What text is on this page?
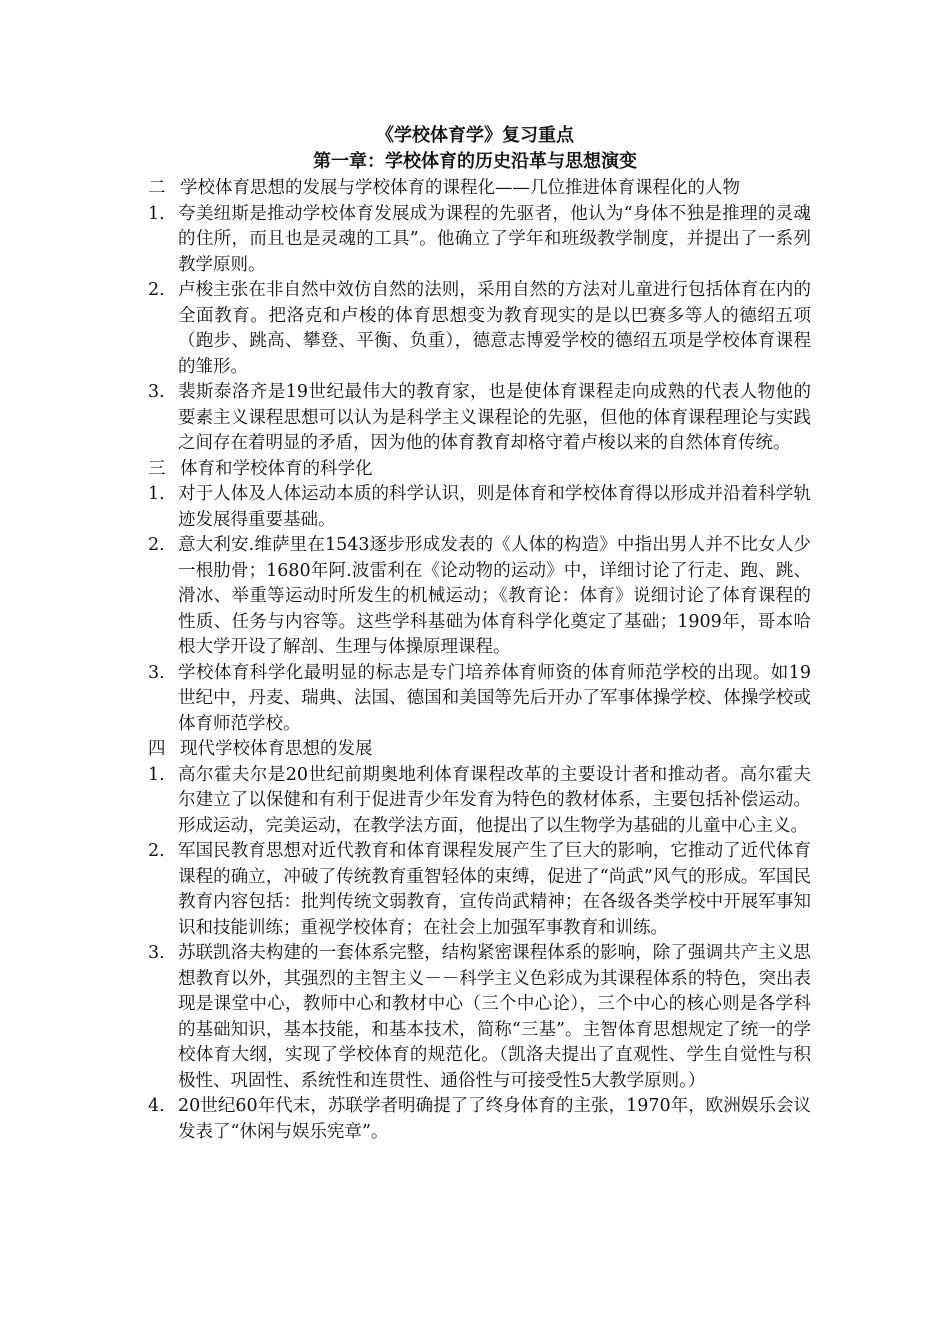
《学校体育学》复习重点
第一章：学校体育的历史沿革与思想演变
二 学校体育思想的发展与学校体育的课程化——几位推进体育课程化的人物
1. 夸美纽斯是推动学校体育发展成为课程的先驱者，他认为“身体不独是推理的灵魂的住所，而且也是灵魂的工具”。他确立了学年和班级教学制度，并提出了一系列教学原则。
2. 卢梭主张在非自然中效仿自然的法则，采用自然的方法对儿童进行包括体育在内的全面教育。把洛克和卢梭的体育思想变为教育现实的是以巴赛多等人的德绍五项（跑步、跳高、攀登、平衡、负重），德意志博爱学校的德绍五项是学校体育课程的雏形。
3. 裴斯泰洛齐是19世纪最伟大的教育家，也是使体育课程走向成熟的代表人物他的要素主义课程思想可以认为是科学主义课程论的先驱，但他的体育课程理论与实践之间存在着明显的矛盾，因为他的体育教育却格守着卢梭以来的自然体育传统。
三 体育和学校体育的科学化
1. 对于人体及人体运动本质的科学认识，则是体育和学校体育得以形成并沿着科学轨迹发展得重要基础。
2. 意大利安.维萨里在1543逐步形成发表的《人体的构造》中指出男人并不比女人少一根肋骨；1680年阿.波雷利在《论动物的运动》中，详细讨论了行走、跑、跳、滑冰、举重等运动时所发生的机械运动；《教育论：体育》说细讨论了体育课程的性质、任务与内容等。这些学科基础为体育科学化奠定了基础；1909年，哥本哈根大学开设了解剖、生理与体操原理课程。
3. 学校体育科学化最明显的标志是专门培养体育师资的体育师范学校的出现。如19世纪中，丹麦、瑞典、法国、德国和美国等先后开办了军事体操学校、体操学校或体育师范学校。
四 现代学校体育思想的发展
1. 高尔霍夫尔是20世纪前期奥地利体育课程改革的主要设计者和推动者。高尔霍夫尔建立了以保健和有利于促进青少年发育为特色的教材体系，主要包括补偿运动。形成运动，完美运动，在教学法方面，他提出了以生物学为基础的儿童中心主义。
2. 军国民教育思想对近代教育和体育课程发展产生了巨大的影响，它推动了近代体育课程的确立，冲破了传统教育重智轻体的束缚，促进了“尚武”风气的形成。军国民教育内容包括：批判传统文弱教育，宣传尚武精神；在各级各类学校中开展军事知识和技能训练；重视学校体育；在社会上加强军事教育和训练。
3. 苏联凯洛夫构建的一套体系完整，结构紧密课程体系的影响，除了强调共产主义思想教育以外，其强烈的主智主义－－科学主义色彩成为其课程体系的特色，突出表现是课堂中心，教师中心和教材中心（三个中心论），三个中心的核心则是各学科的基础知识，基本技能，和基本技术，简称“三基”。主智体育思想规定了统一的学校体育大纲，实现了学校体育的规范化。（凯洛夫提出了直观性、学生自觉性与积极性、巩固性、系统性和连贯性、通俗性与可接受性5大教学原则。）
4. 20世纪60年代末，苏联学者明确提了了终身体育的主张，1970年，欧洲娱乐会议发表了“休闲与娱乐宪章”。
